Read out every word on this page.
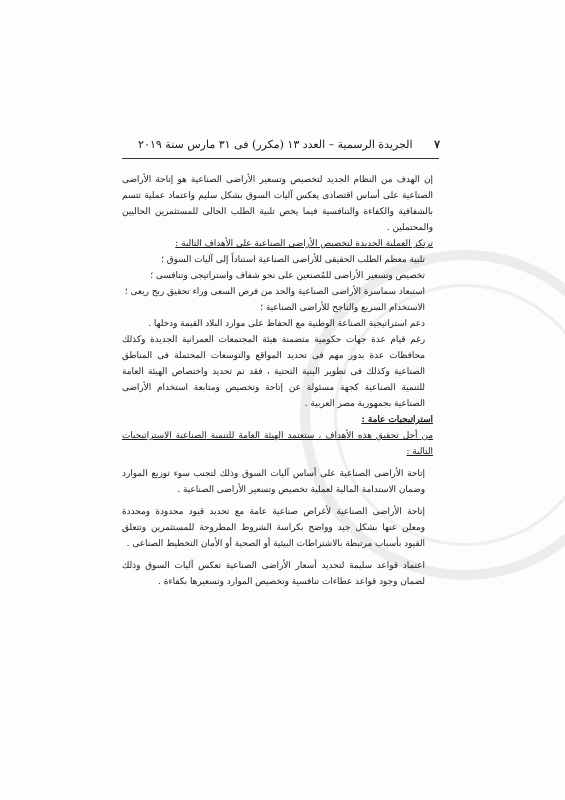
٧ الجريدة الرسمية – العدد ١٣ (مكرر) فى ٣١ مارس سنة ٢٠١٩

إن الهدف من النظام الجديد لتخصيص وتسعير الأراضى الصناعية هو إتاحة الأراضى الصناعية على أساس اقتصادى يعكس آليات السوق بشكل سليم واعتماد عملية تتسم بالشفافية والكفاءة والتنافسية فيما يخص تلبية الطلب الحالى للمستثمرين الحاليين والمحتملين .

ترتكز العملية الجديدة لتخصيص الأراضى الصناعية على الأهداف التالية :

تلبية معظم الطلب الحقيقى للأراضى الصناعية استناداً إلى آليات السوق ؛

تخصيص وتسعير الأراضى للمُصنعين على نحو شفاف واستراتيجى وتنافسى ؛

استبعاد سماسرة الأراضى الصناعية والحد من فرص السعى وراء تحقيق ربح ريعى ؛

الاستخدام السريع والناجح للأراضى الصناعية ؛

دعم استراتيجية الصناعة الوطنية مع الحفاظ على موارد البلاد القيمة ودخلها .

رغم قيام عدة جهات حكومية متضمنة هيئة المجتمعات العمرانية الجديدة وكذلك محافظات عدة بدور مهم فى تحديد المواقع والتوسعات المحتملة فى المناطق الصناعية وكذلك فى تطوير البنية التحتية ، فقد تم تحديد واختصاص الهيئة العامة للتنمية الصناعية كجهة مسئولة عن إتاحة وتخصيص ومتابعة استخدام الأراضى الصناعية بجمهورية مصر العربية .

استراتيجيات عامة :

من أجل تحقيق هذه الأهداف ، ستعتمد الهيئة العامة للتنمية الصناعية الاستراتيجيات التالية :

إتاحة الأراضى الصناعية على أساس آليات السوق وذلك لتجنب سوء توزيع الموارد وضمان الاستدامة المالية لعملية تخصيص وتسعير الأراضى الصناعية .

إتاحة الأراضى الصناعية لأغراض صناعية عامة مع تحديد قيود محدودة ومحددة ومعلن عنها بشكل جيد وواضح بكراسة الشروط المطروحة للمستثمرين وتتعلق القيود بأسباب مرتبطة بالاشتراطات البيئية أو الصحية أو الأمان التخطيط الصناعى .

اعتماد قواعد سليمة لتحديد أسعار الأراضى الصناعية تعكس آليات السوق وذلك لضمان وجود قواعد عطاءات تنافسية وتخصيص الموارد وتسعيرها بكفاءة .
